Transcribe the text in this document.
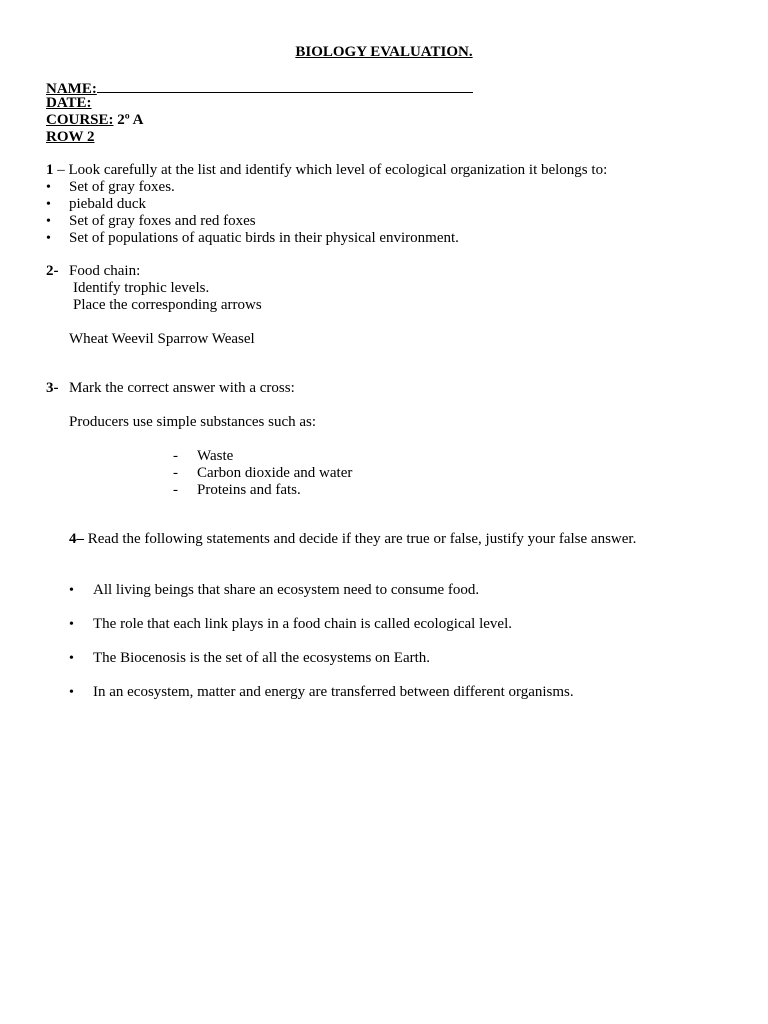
BIOLOGY EVALUATION.
NAME:
DATE:
COURSE: 2º A
ROW 2
1 – Look carefully at the list and identify which level of ecological organization it belongs to:
• Set of gray foxes.
• piebald duck
• Set of gray foxes and red foxes
• Set of populations of aquatic birds in their physical environment.
2- Food chain:
Identify trophic levels.
Place the corresponding arrows
Wheat Weevil Sparrow Weasel
3- Mark the correct answer with a cross:
Producers use simple substances such as:
- Waste
- Carbon dioxide and water
- Proteins and fats.
4– Read the following statements and decide if they are true or false, justify your false answer.
• All living beings that share an ecosystem need to consume food.
• The role that each link plays in a food chain is called ecological level.
• The Biocenosis is the set of all the ecosystems on Earth.
• In an ecosystem, matter and energy are transferred between different organisms.
